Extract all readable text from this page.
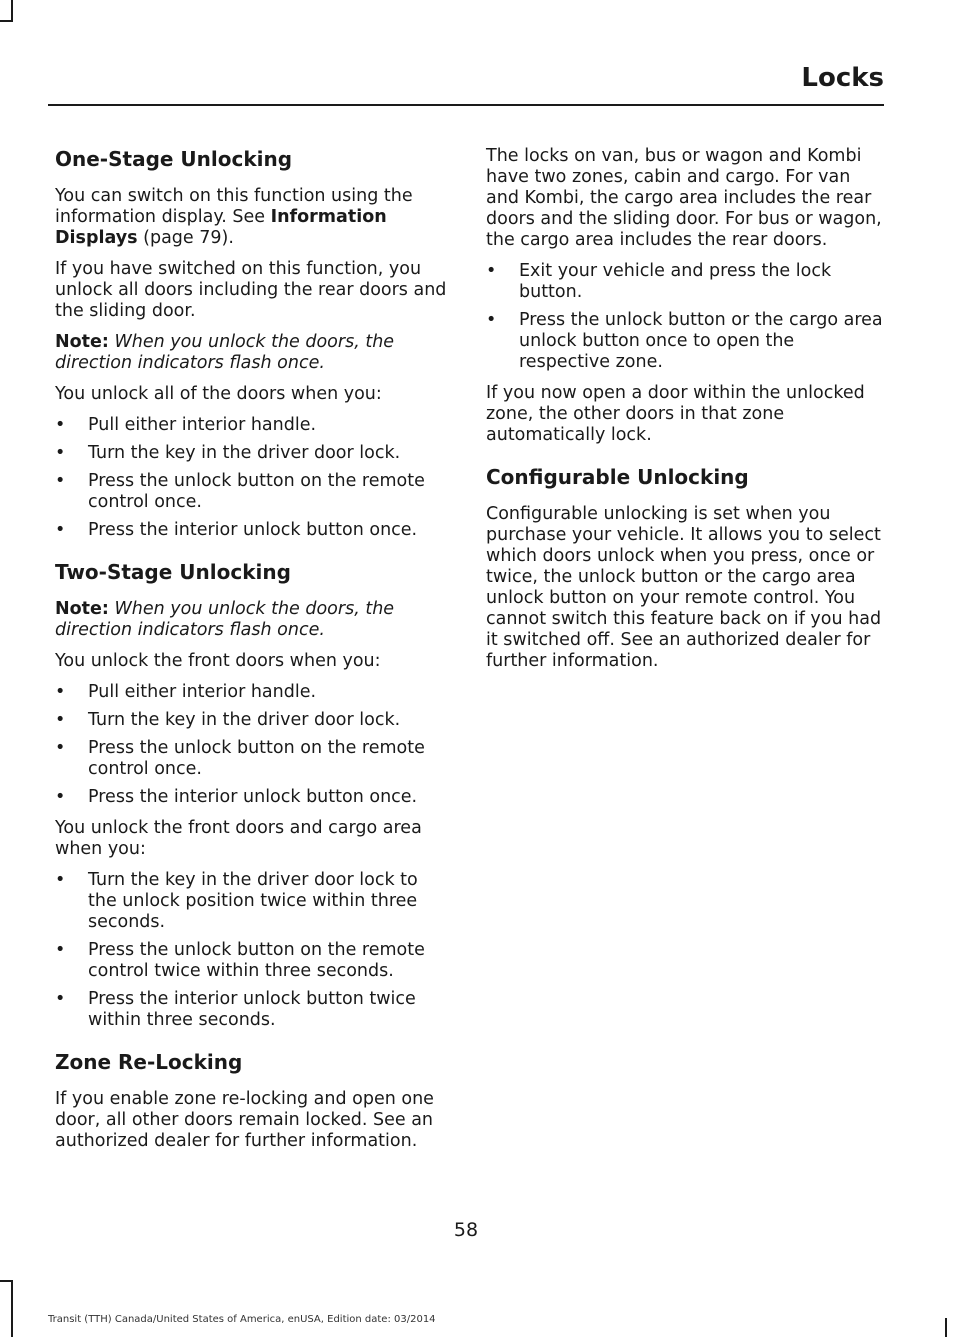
Locks
One-Stage Unlocking

You can switch on this function using the information display. See Information Displays (page 79).

If you have switched on this function, you unlock all doors including the rear doors and the sliding door.

Note: When you unlock the doors, the direction indicators flash once.

You unlock all of the doors when you:

• Pull either interior handle.
• Turn the key in the driver door lock.
• Press the unlock button on the remote control once.
• Press the interior unlock button once.
Two-Stage Unlocking

Note: When you unlock the doors, the direction indicators flash once.

You unlock the front doors when you:

• Pull either interior handle.
• Turn the key in the driver door lock.
• Press the unlock button on the remote control once.
• Press the interior unlock button once.

You unlock the front doors and cargo area when you:

• Turn the key in the driver door lock to the unlock position twice within three seconds.
• Press the unlock button on the remote control twice within three seconds.
• Press the interior unlock button twice within three seconds.
Zone Re-Locking

If you enable zone re-locking and open one door, all other doors remain locked. See an authorized dealer for further information.

The locks on van, bus or wagon and Kombi have two zones, cabin and cargo. For van and Kombi, the cargo area includes the rear doors and the sliding door. For bus or wagon, the cargo area includes the rear doors.

• Exit your vehicle and press the lock button.
• Press the unlock button or the cargo area unlock button once to open the respective zone.

If you now open a door within the unlocked zone, the other doors in that zone automatically lock.

Configurable Unlocking

Configurable unlocking is set when you purchase your vehicle. It allows you to select which doors unlock when you press, once or twice, the unlock button or the cargo area unlock button on your remote control. You cannot switch this feature back on if you had it switched off. See an authorized dealer for further information.

58
Transit (TTH) Canada/United States of America, enUSA, Edition date: 03/2014
